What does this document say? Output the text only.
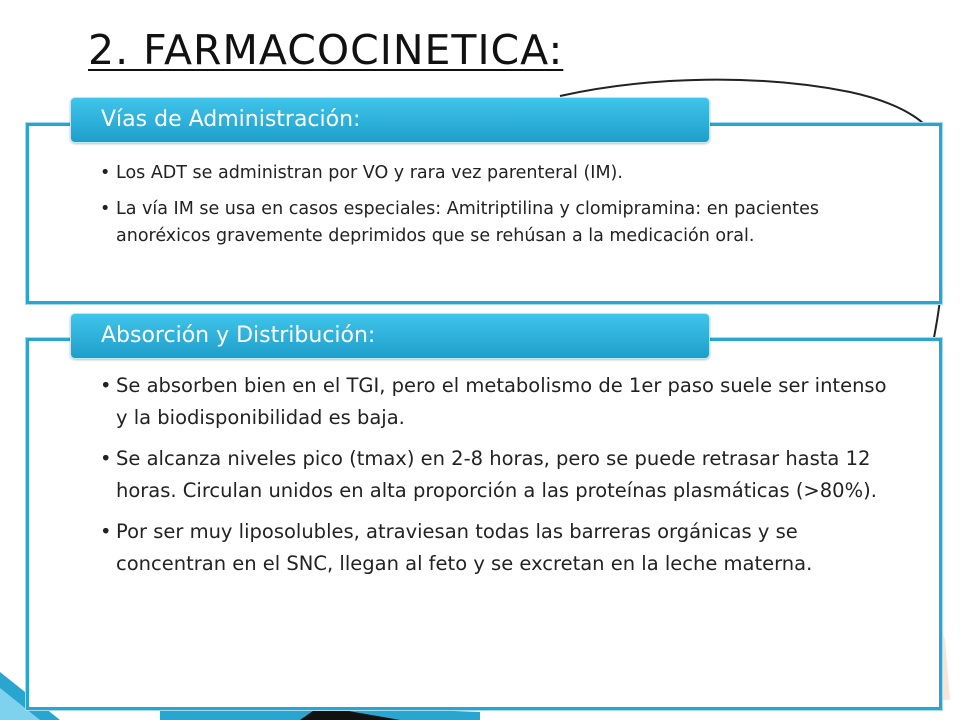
2. FARMACOCINETICA:
Vías de Administración:
• Los ADT se administran por VO y rara vez parenteral (IM).
• La vía IM se usa en casos especiales: Amitriptilina y clomipramina: en pacientes anoréxicos gravemente deprimidos que se rehúsan a la medicación oral.
Absorción y Distribución:
• Se absorben bien en el TGI, pero el metabolismo de 1er paso suele ser intenso y la biodisponibilidad es baja.
• Se alcanza niveles pico (tmax) en 2-8 horas, pero se puede retrasar hasta 12 horas. Circulan unidos en alta proporción a las proteínas plasmáticas (>80%).
• Por ser muy liposolubles, atraviesan todas las barreras orgánicas y se concentran en el SNC, llegan al feto y se excretan en la leche materna.
